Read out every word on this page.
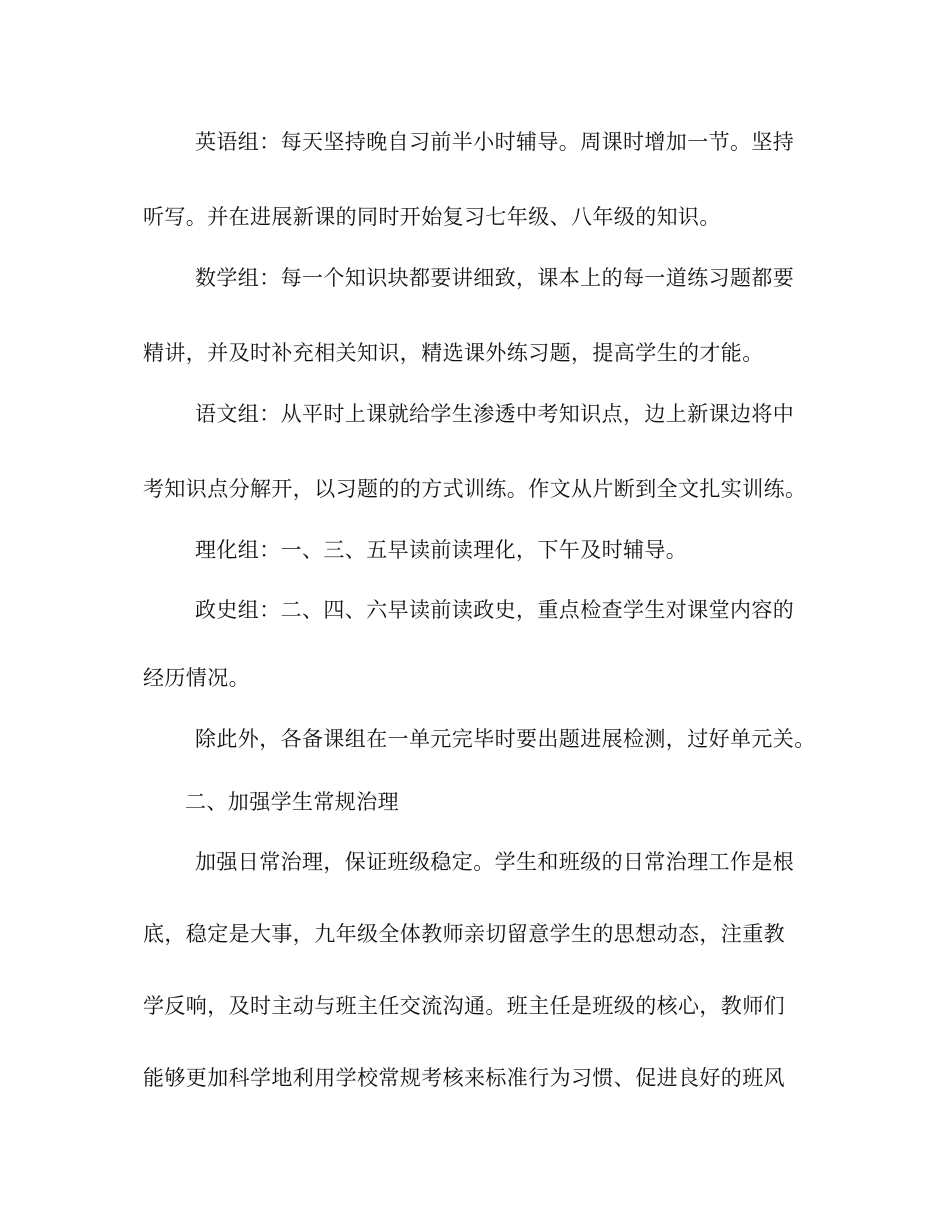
英语组：每天坚持晚自习前半小时辅导。周课时增加一节。坚持
听写。并在进展新课的同时开始复习七年级、八年级的知识。
数学组：每一个知识块都要讲细致，课本上的每一道练习题都要
精讲，并及时补充相关知识，精选课外练习题，提高学生的才能。
语文组：从平时上课就给学生渗透中考知识点，边上新课边将中
考知识点分解开，以习题的的方式训练。作文从片断到全文扎实训练。
理化组：一、三、五早读前读理化，下午及时辅导。
政史组：二、四、六早读前读政史，重点检查学生对课堂内容的
经历情况。
除此外，各备课组在一单元完毕时要出题进展检测，过好单元关。
二、加强学生常规治理
加强日常治理，保证班级稳定。学生和班级的日常治理工作是根
底，稳定是大事，九年级全体教师亲切留意学生的思想动态，注重教
学反响，及时主动与班主任交流沟通。班主任是班级的核心，教师们
能够更加科学地利用学校常规考核来标准行为习惯、促进良好的班风
